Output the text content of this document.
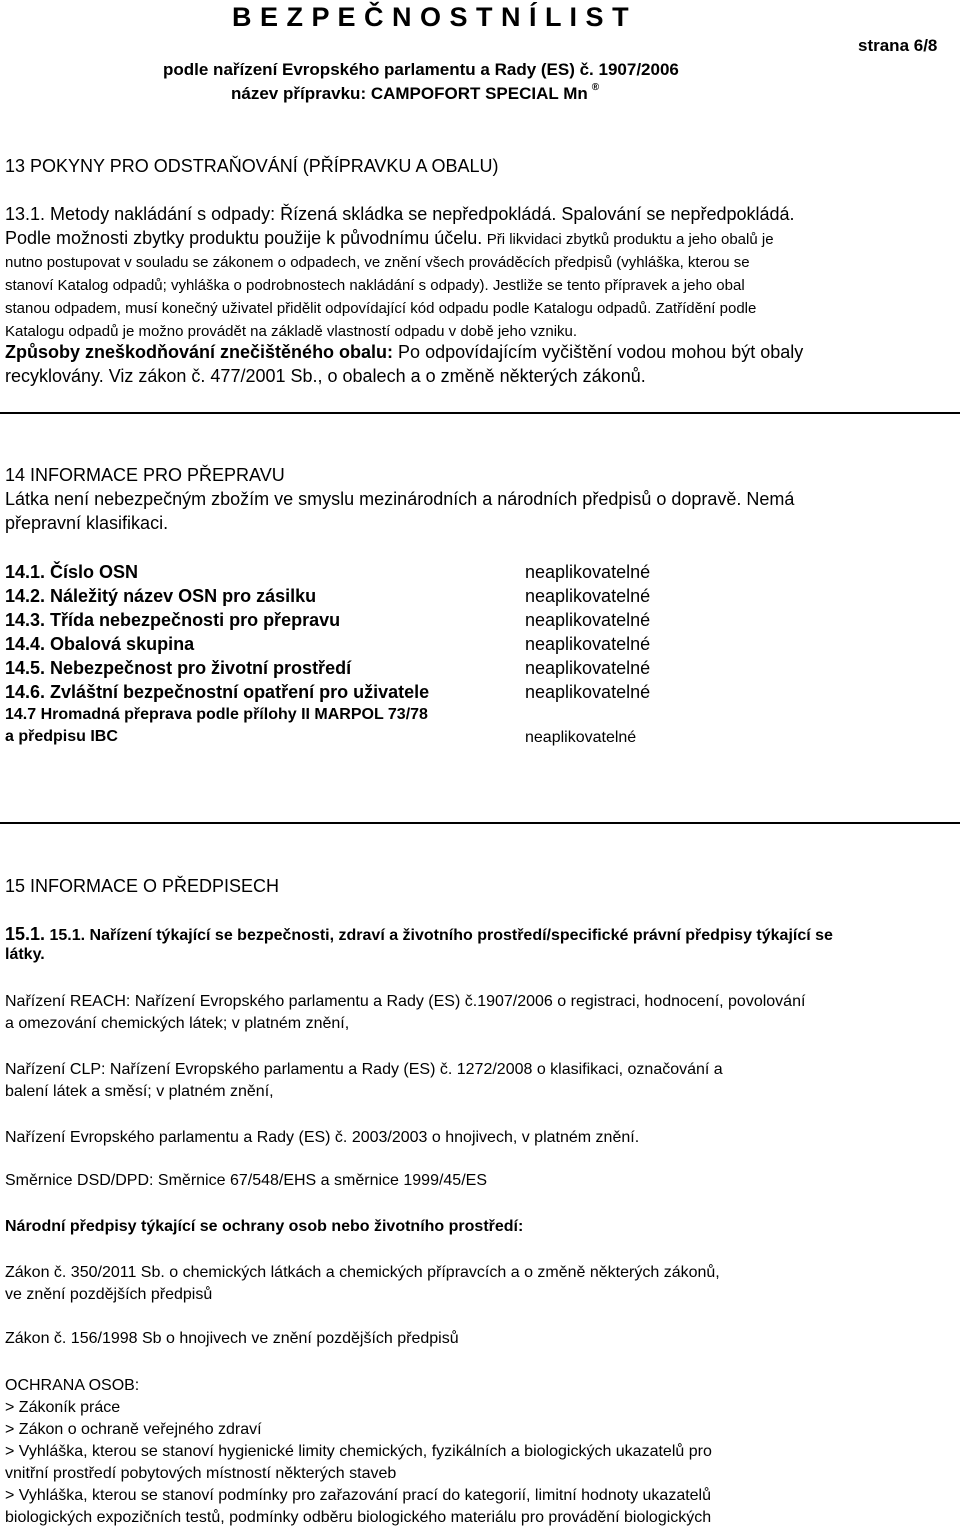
B E Z P E Č N O S T N Í L I S T
podle nařízení Evropského parlamentu a Rady (ES) č. 1907/2006
název přípravku: CAMPOFORT SPECIAL Mn ®
strana 6/8
13 POKYNY PRO ODSTRAŇOVÁNÍ (PŘÍPRAVKU A OBALU)
13.1. Metody nakládání s odpady: Řízená skládka se nepředpokládá. Spalování se nepředpokládá.
Podle možnosti zbytky produktu použije k původnímu účelu. Při likvidaci zbytků produktu a jeho obalů je
nutno postupovat v souladu se zákonem o odpadech, ve znění všech prováděcích předpisů (vyhláška, kterou se
stanoví Katalog odpadů; vyhláška o podrobnostech nakládání s odpady). Jestliže se tento přípravek a jeho obal
stanou odpadem, musí konečný uživatel přidělit odpovídající kód odpadu podle Katalogu odpadů. Zatřídění podle
Katalogu odpadů je možno provádět na základě vlastností odpadu v době jeho vzniku.
Způsoby zneškodňování znečištěného obalu: Po odpovídajícím vyčištění vodou mohou být obaly
recyklovány. Viz zákon č. 477/2001 Sb., o obalech a o změně některých zákonů.
14 INFORMACE PRO PŘEPRAVU
Látka není nebezpečným zbožím ve smyslu mezinárodních a národních předpisů o dopravě. Nemá
přepravní klasifikaci.
14.1. Číslo OSN	neaplikovatelné
14.2. Náležitý název OSN pro zásilku	neaplikovatelné
14.3. Třída nebezpečnosti pro přepravu	neaplikovatelné
14.4. Obalová skupina	neaplikovatelné
14.5. Nebezpečnost pro životní prostředí	neaplikovatelné
14.6. Zvláštní bezpečnostní opatření pro uživatele	neaplikovatelné
14.7 Hromadná přeprava podle přílohy II MARPOL 73/78
a předpisu IBC	neaplikovatelné
15 INFORMACE O PŘEDPISECH
15.1. 15.1. Nařízení týkající se bezpečnosti, zdraví a životního prostředí/specifické právní předpisy týkající se
látky.
Nařízení REACH: Nařízení Evropského parlamentu a Rady (ES) č.1907/2006 o registraci, hodnocení, povolování
a omezování chemických látek; v platném znění,
Nařízení CLP: Nařízení Evropského parlamentu a Rady (ES) č. 1272/2008 o klasifikaci, označování a
balení látek a směsí; v platném znění,
Nařízení Evropského parlamentu a Rady (ES) č. 2003/2003 o hnojivech, v platném znění.
Směrnice DSD/DPD: Směrnice 67/548/EHS a směrnice 1999/45/ES
Národní předpisy týkající se ochrany osob nebo životního prostředí:
Zákon č. 350/2011 Sb. o chemických látkách a chemických přípravcích a o změně některých zákonů,
ve znění pozdějších předpisů
Zákon č. 156/1998 Sb o hnojivech ve znění pozdějších předpisů
OCHRANA OSOB:
> Zákoník práce
> Zákon o ochraně veřejného zdraví
> Vyhláška, kterou se stanoví hygienické limity chemických, fyzikálních a biologických ukazatelů pro
vnitřní prostředí pobytových místností některých staveb
> Vyhláška, kterou se stanoví podmínky pro zařazování prací do kategorií, limitní hodnoty ukazatelů
biologických expozičních testů, podmínky odběru biologického materiálu pro provádění biologických
